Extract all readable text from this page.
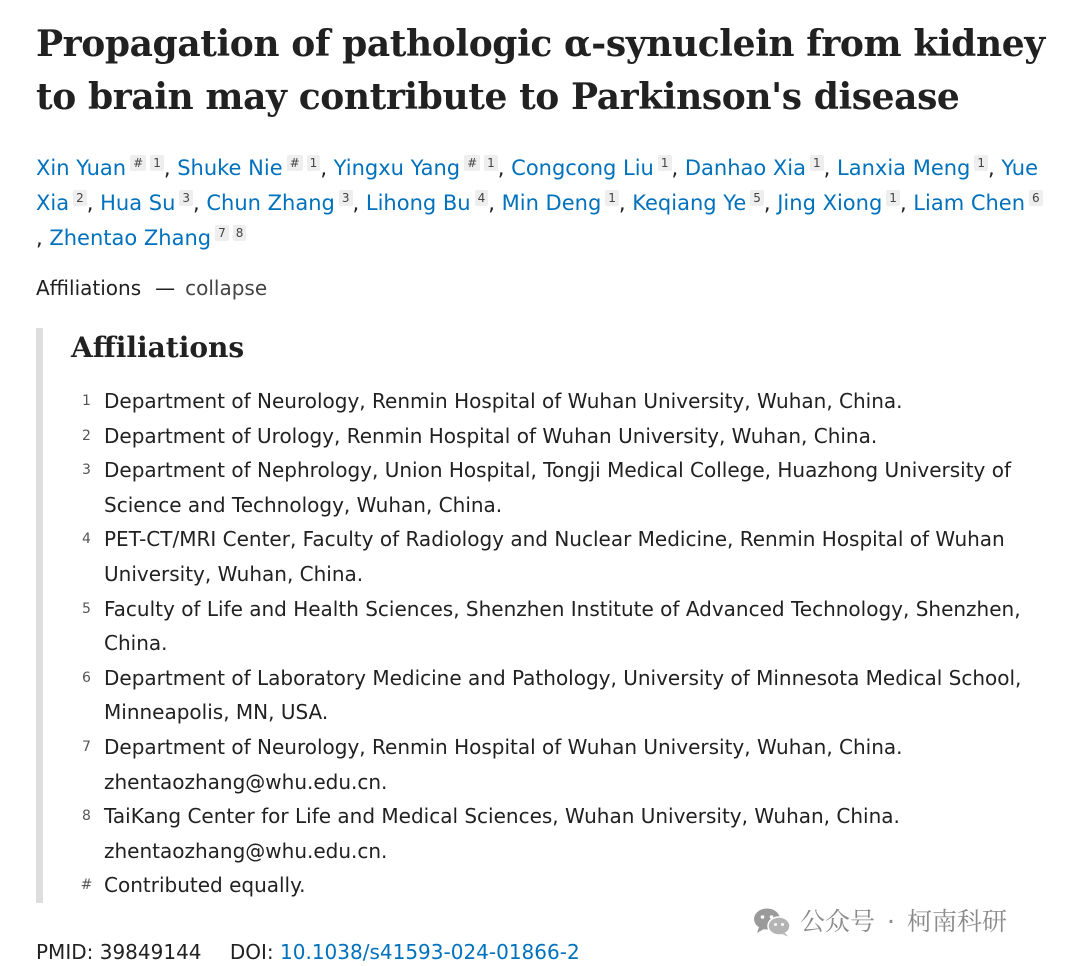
Propagation of pathologic α-synuclein from kidney to brain may contribute to Parkinson's disease
Xin Yuan # 1 , Shuke Nie # 1 , Yingxu Yang # 1 , Congcong Liu 1 , Danhao Xia 1 , Lanxia Meng 1 , Yue Xia 2 , Hua Su 3 , Chun Zhang 3 , Lihong Bu 4 , Min Deng 1 , Keqiang Ye 5 , Jing Xiong 1 , Liam Chen 6, Zhentao Zhang 7 8
Affiliations — collapse
Affiliations
1 Department of Neurology, Renmin Hospital of Wuhan University, Wuhan, China.
2 Department of Urology, Renmin Hospital of Wuhan University, Wuhan, China.
3 Department of Nephrology, Union Hospital, Tongji Medical College, Huazhong University of Science and Technology, Wuhan, China.
4 PET-CT/MRI Center, Faculty of Radiology and Nuclear Medicine, Renmin Hospital of Wuhan University, Wuhan, China.
5 Faculty of Life and Health Sciences, Shenzhen Institute of Advanced Technology, Shenzhen, China.
6 Department of Laboratory Medicine and Pathology, University of Minnesota Medical School, Minneapolis, MN, USA.
7 Department of Neurology, Renmin Hospital of Wuhan University, Wuhan, China. zhentaozhang@whu.edu.cn.
8 TaiKang Center for Life and Medical Sciences, Wuhan University, Wuhan, China. zhentaozhang@whu.edu.cn.
# Contributed equally.
PMID: 39849144 DOI: 10.1038/s41593-024-01866-2
公众号 · 柯南科研
